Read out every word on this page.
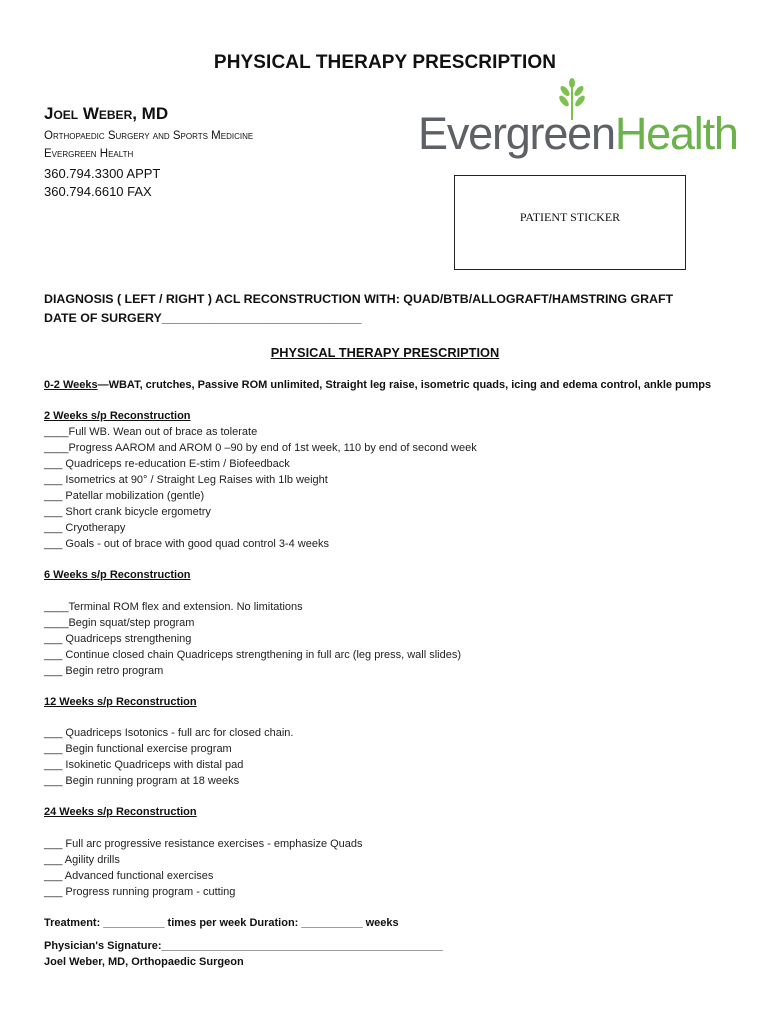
PHYSICAL THERAPY PRESCRIPTION
Joel Weber, MD
Orthopaedic Surgery and Sports Medicine
Evergreen Health
360.794.3300 APPT
360.794.6610 FAX
EvergreenHealth
PATIENT STICKER
DIAGNOSIS ( LEFT / RIGHT ) ACL RECONSTRUCTION WITH: QUAD/BTB/ALLOGRAFT/HAMSTRING GRAFT
DATE OF SURGERY_____________________________
PHYSICAL THERAPY PRESCRIPTION
0-2 Weeks—WBAT, crutches, Passive ROM unlimited, Straight leg raise, isometric quads, icing and edema control, ankle pumps
2 Weeks s/p Reconstruction
____Full WB. Wean out of brace as tolerate
____Progress AAROM and AROM 0 –90 by end of 1st week, 110 by end of second week
___ Quadriceps re-education E-stim / Biofeedback
___ Isometrics at 90° / Straight Leg Raises with 1lb weight
___ Patellar mobilization (gentle)
___ Short crank bicycle ergometry
___ Cryotherapy
___ Goals - out of brace with good quad control 3-4 weeks
6 Weeks s/p Reconstruction
____Terminal ROM flex and extension. No limitations
____Begin squat/step program
___ Quadriceps strengthening
___ Continue closed chain Quadriceps strengthening in full arc (leg press, wall slides)
___ Begin retro program
12 Weeks s/p Reconstruction
___ Quadriceps Isotonics - full arc for closed chain.
___ Begin functional exercise program
___ Isokinetic Quadriceps with distal pad
___ Begin running program at 18 weeks
24 Weeks s/p Reconstruction
___ Full arc progressive resistance exercises - emphasize Quads
___ Agility drills
___ Advanced functional exercises
___ Progress running program - cutting
Treatment: __________ times per week Duration: __________ weeks
Physician's Signature:______________________________________________
Joel Weber, MD, Orthopaedic Surgeon
